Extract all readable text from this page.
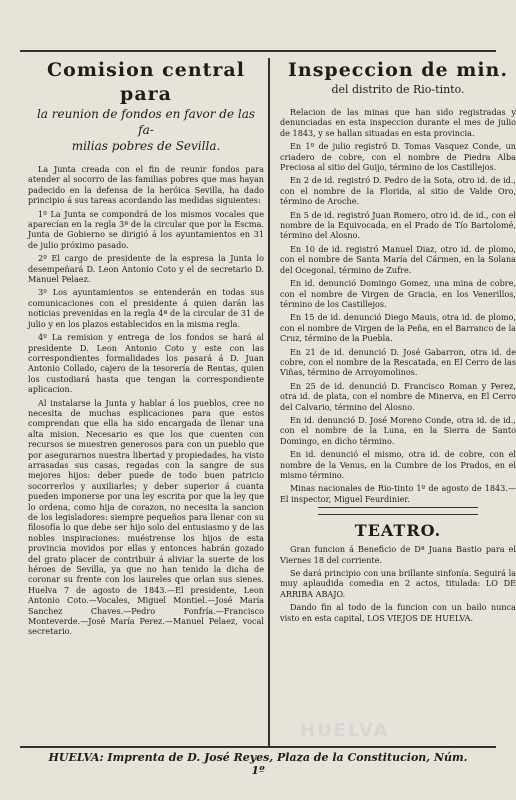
Comision central para
la reunion de fondos en favor de las fa-
milias pobres de Sevilla.

La Junta creada con el fin de reunir fondos para atender al socorro de las familias pobres que mas hayan padecido en la defensa de la heróica Sevilla, ha dado principio á sus tareas acordando las medidas siguientes:

1º La Junta se compondrá de los mismos vocales que aparecían en la regla 3ª de la circular que por la Escma. Junta de Gobierno se dirigió á los ayuntamientos en 31 de julio próximo pasado.

2º El cargo de presidente de la espresa la Junta lo desempeñará D. Leon Antonio Coto y el de secretario D. Manuel Pelaez.

3º Los ayuntamientos se entenderán en todas sus comunicaciones con el presidente á quien darán las noticias prevenidas en la regla 4ª de la circular de 31 de julio y en los plazos establecidos en la misma regla.

4º La remision y entrega de los fondos se hará al presidente D. Leon Antonio Coto y este con las correspondientes formalidades los pasará á D. Juan Antonio Collado, cajero de la tesorería de Rentas, quien los custodiará hasta que tengan la correspondiente aplicacion.

Al instalarse la Junta y hablar á los pueblos, cree no necesita de muchas esplicaciones para que estos comprendan que ella ha sido encargada de llenar una alta mision. Necesario es que los que cuenten con recursos se muestren generosos para con un pueblo que por asegurarnos nuestra libertad y propiedades, ha visto arrasadas sus casas, regadas con la sangre de sus mejores hijos: deber puede de todo buen patricio socorrerlos y auxiliarles; y deber superior á cuanta pueden imponerse por una ley escrita por que la ley que lo ordena, como hija de corazon, no necesita la sancion de los legisladores: siempre pequeños para llenar con su filosofía lo que debe ser hijo solo del entusiasmo y de las nobles inspiraciones: muéstrense los hijos de esta provincia movidos por ellas y entonces habrán gozado del grato placer de contribuir á aliviar la suerte de los héroes de Sevilla, ya que no han tenido la dicha de coronar su frente con los laureles que orlan sus sienes. Huelva 7 de agosto de 1843.—El presidente, Leon Antonio Coto.—Vocales, Miguel Montiel.—José María Sanchez Chaves.—Pedro Fonfría.—Francisco Monteverde.—José María Perez.—Manuel Pelaez, vocal secretario.

Inspeccion de min.
del distrito de Rio-tinto.

Relacion de las minas que han sido registradas y denunciadas en esta inspeccion durante el mes de julio de 1843, y se hallan situadas en esta provincia.

En 1º de julio registró D. Tomas Vasquez Conde, un criadero de cobre, con el nombre de Piedra Alba Preciosa al sitio del Guijo, término de los Castillejos.

En 2 de id. registró D. Pedro de la Sota, otro id. de id., con el nombre de la Florida, al sitio de Valde Oro, término de Aroche.

En 5 de id. registró Juan Romero, otro id. de id., con el nombre de la Equivocada, en el Prado de Tío Bartolomé, término del Alosno.

En 10 de id. registró Manuel Diaz, otro id. de plomo, con el nombre de Santa María del Cármen, en la Solana del Ocegonal, término de Zufre.

En id. denunció Domingo Gomez, una mina de cobre, con el nombre de Virgen de Gracia, en los Venerillos, término de los Castillejos.

En 15 de id. denunció Diego Mauis, otra id. de plomo, con el nombre de Virgen de la Peña, en el Barranco de la Cruz, término de la Puebla.

En 21 de id. denunció D. José Gabarron, otra id. de cobre, con el nombre de la Rescatada, en El Cerro de las Viñas, término de Arroyomolinos.

En 25 de id. denunció D. Francisco Roman y Perez, otra id. de plata, con el nombre de Minerva, en El Cerro del Calvario, término del Alosno.

En id. denunció D. José Moreno Conde, otra id. de id., con el nombre de la Luna, en la Sierra de Santo Domingo, en dicho término.

En id. denunció el mismo, otra id. de cobre, con el nombre de la Venus, en la Cumbre de los Prados, en el mismo término.

Minas nacionales de Rio-tinto 1º de agosto de 1843.—El inspector, Miguel Feurdinier.

TEATRO.

Gran funcion á Beneficio de Dª Juana Bastio para el Viernes 18 del corriente.

Se dará principio con una brillante sinfonía. Seguirá la muy aplaudida comedia en 2 actos, titulada: LO DE ARRIBA ABAJO.

Dando fin al todo de la funcion con un bailo nunca visto en esta capital, LOS VIEJOS DE HUELVA.

HUELVA: Imprenta de D. José Reyes, Plaza de la Constitucion, Núm. 1º
HUELVA
